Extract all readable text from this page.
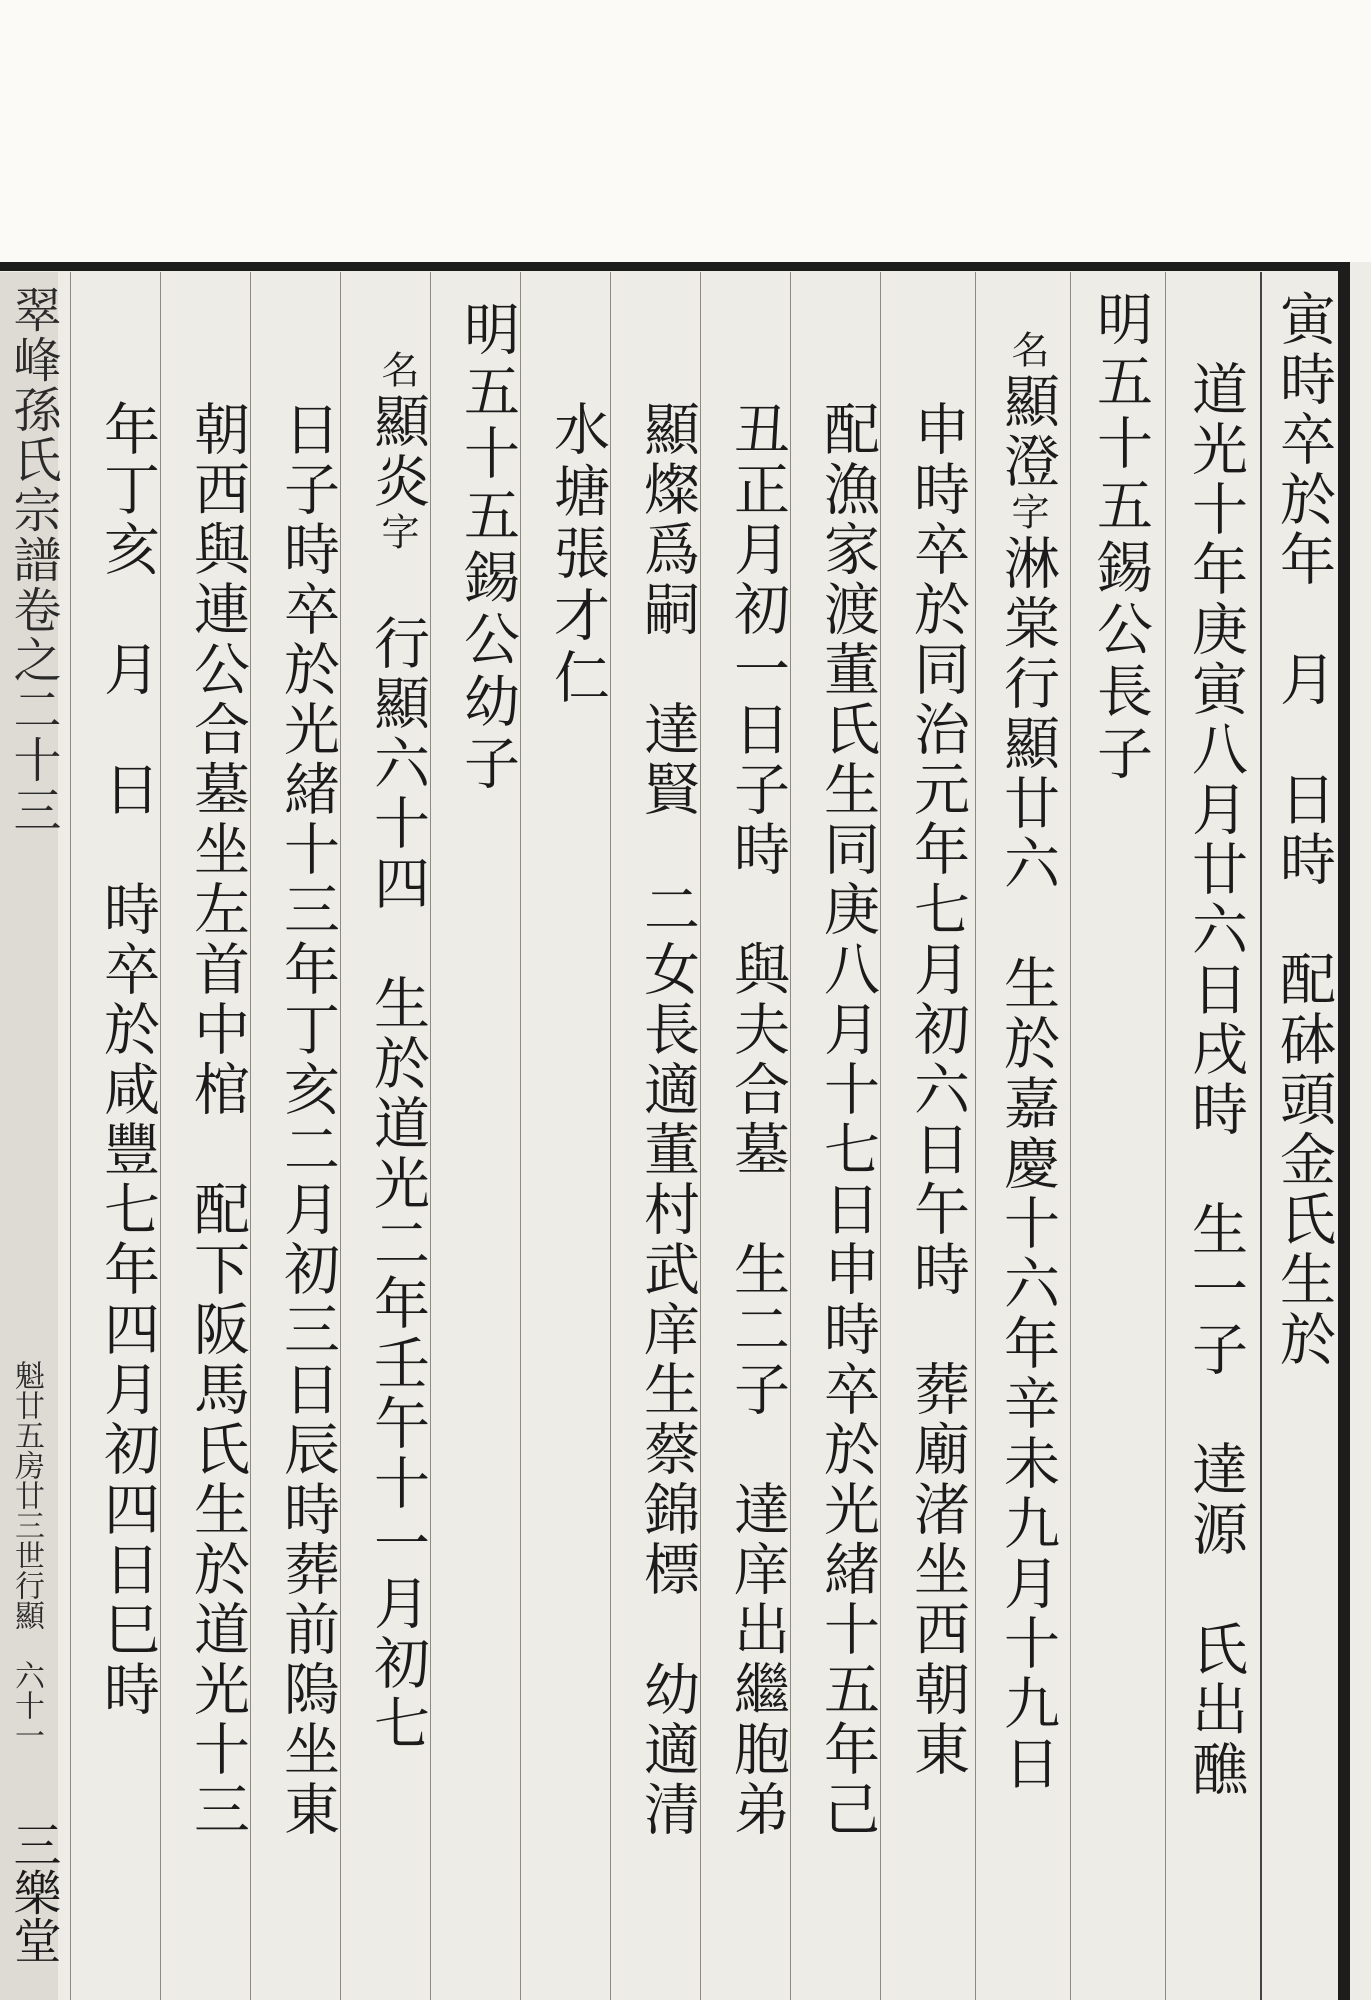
寅時卒於年　月　日時　配砵頭金氏生於
道光十年庚寅八月廿六日戌時　生一子　達源　氏出醮
明五十五錫公長子
名顯澄字淋棠行顯廿六　生於嘉慶十六年辛未九月十九日
申時卒於同治元年七月初六日午時　葬廟渚坐西朝東
配漁家渡董氏生同庚八月十七日申時卒於光緒十五年己
丑正月初一日子時　與夫合墓　生二子　達庠出繼胞弟
顯燦爲嗣　達賢　二女長適董村武庠生蔡錦標　幼適清
水塘張才仁
明五十五錫公幼子
名顯炎字　行顯六十四　生於道光二年壬午十一月初七
日子時卒於光緒十三年丁亥二月初三日辰時葬前隖坐東
朝西與連公合墓坐左首中棺　配下阪馬氏生於道光十三
年丁亥　月　日　時卒於咸豐七年四月初四日巳時
翠峰孫氏宗譜卷之二十三
魁廿五房廿三世行顯　六十一
三樂堂
